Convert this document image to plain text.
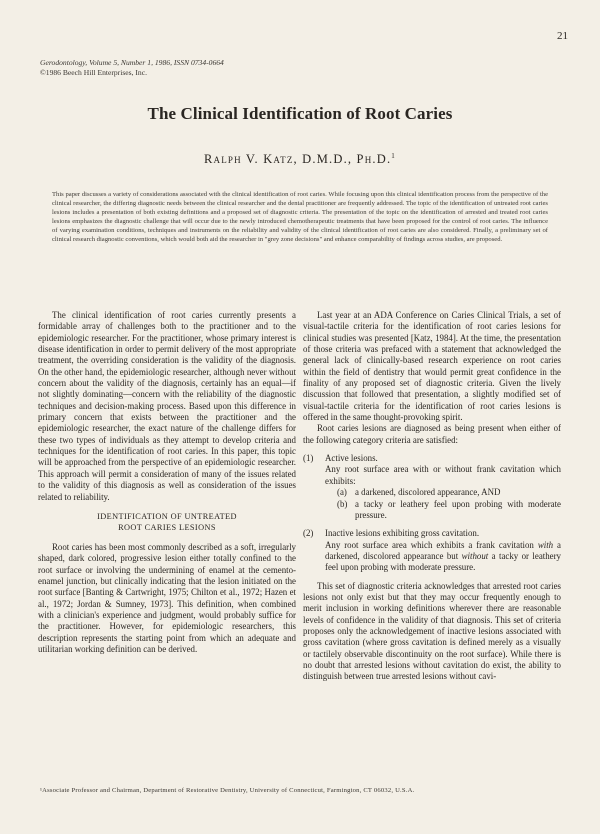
21
Gerodontology, Volume 5, Number 1, 1986, ISSN 0734-0664
©1986 Beech Hill Enterprises, Inc.
The Clinical Identification of Root Caries
Ralph V. Katz, D.M.D., Ph.D.$^1$
This paper discusses a variety of considerations associated with the clinical identification of root caries. While focusing upon this clinical identification process from the perspective of the clinical researcher, the differing diagnostic needs between the clinical researcher and the dental practitioner are frequently addressed. The topic of the identification of untreated root caries lesions includes a presentation of both existing definitions and a proposed set of diagnostic criteria. The presentation of the topic on the identification of arrested and treated root caries lesions emphasizes the diagnostic challenge that will occur due to the newly introduced chemotherapeutic treatments that have been proposed for the control of root caries. The influence of varying examination conditions, techniques and instruments on the reliability and validity of the clinical identification of root caries are also considered. Finally, a preliminary set of clinical research diagnostic conventions, which would both aid the researcher in "grey zone decisions" and enhance comparability of findings across studies, are proposed.

The clinical identification of root caries currently presents a formidable array of challenges both to the practitioner and to the epidemiologic researcher. For the practitioner, whose primary interest is disease identification in order to permit delivery of the most appropriate treatment, the overriding consideration is the validity of the diagnosis. On the other hand, the epidemiologic researcher, although never without concern about the validity of the diagnosis, certainly has an equal—if not slightly dominating—concern with the reliability of the diagnostic techniques and decision-making process. Based upon this difference in primary concern that exists between the practitioner and the epidemiologic researcher, the exact nature of the challenge differs for these two types of individuals as they attempt to develop criteria and techniques for the identification of root caries. In this paper, this topic will be approached from the perspective of an epidemiologic researcher. This approach will permit a consideration of many of the issues related to the validity of this diagnosis as well as consideration of the issues related to reliability.

IDENTIFICATION OF UNTREATED
ROOT CARIES LESIONS

Root caries has been most commonly described as a soft, irregularly shaped, dark colored, progressive lesion either totally confined to the root surface or involving the undermining of enamel at the cemento-enamel junction, but clinically indicating that the lesion initiated on the root surface [Banting & Cartwright, 1975; Chilton et al., 1972; Hazen et al., 1972; Jordan & Sumney, 1973]. This definition, when combined with a clinician's experience and judgment, would probably suffice for the practitioner. However, for epidemiologic researchers, this description represents the starting point from which an adequate and utilitarian working definition can be derived.

Last year at an ADA Conference on Caries Clinical Trials, a set of visual-tactile criteria for the identification of root caries lesions for clinical studies was presented [Katz, 1984]. At the time, the presentation of those criteria was prefaced with a statement that acknowledged the general lack of clinically-based research experience on root caries within the field of dentistry that would permit great confidence in the finality of any proposed set of diagnostic criteria. Given the lively discussion that followed that presentation, a slightly modified set of visual-tactile criteria for the identification of root caries lesions is offered in the same thought-provoking spirit.

Root caries lesions are diagnosed as being present when either of the following category criteria are satisfied:

(1)	Active lesions.
Any root surface area with or without frank cavitation which exhibits:
(a) a darkened, discolored appearance, AND
(b) a tacky or leathery feel upon probing with moderate pressure.
(2)	Inactive lesions exhibiting gross cavitation.
Any root surface area which exhibits a frank cavitation with a darkened, discolored appearance but without a tacky or leathery feel upon probing with moderate pressure.

This set of diagnostic criteria acknowledges that arrested root caries lesions not only exist but that they may occur frequently enough to merit inclusion in working definitions wherever there are reasonable levels of confidence in the validity of that diagnosis. This set of criteria proposes only the acknowledgement of inactive lesions associated with gross cavitation (where gross cavitation is defined merely as a visually or tactilely observable discontinuity on the root surface). While there is no doubt that arrested lesions without cavitation do exist, the ability to distinguish between true arrested lesions without cavi-

¹Associate Professor and Chairman, Department of Restorative Dentistry, University of Connecticut, Farmington, CT 06032, U.S.A.
